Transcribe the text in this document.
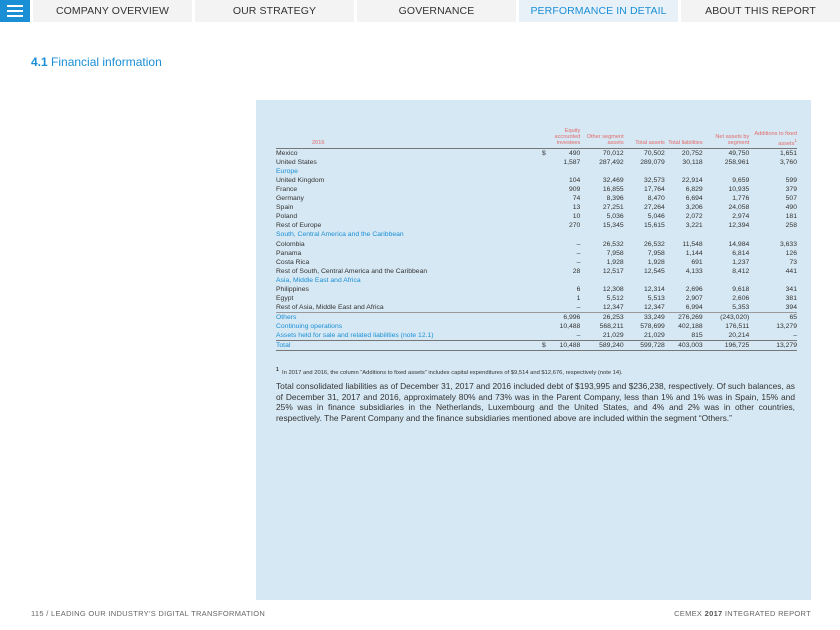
COMPANY OVERVIEW	OUR STRATEGY	GOVERNANCE	PERFORMANCE IN DETAIL	ABOUT THIS REPORT
4.1 Financial information
2016		Equity accounted investees	Other segment assets	Total assets	Total liabilities	Net assets by segment	Additions to fixed assets$^1$
Mexico	$	490	70,012	70,502	20,752	49,750	1,651
United States		1,587	287,492	289,079	30,118	258,961	3,760
Europe							
United Kingdom		104	32,469	32,573	22,914	9,659	599
France		909	16,855	17,764	6,829	10,935	379
Germany		74	8,396	8,470	6,694	1,776	507
Spain		13	27,251	27,264	3,206	24,058	490
Poland		10	5,036	5,046	2,072	2,974	181
Rest of Europe		270	15,345	15,615	3,221	12,394	258
South, Central America and the Caribbean							
Colombia		–	26,532	26,532	11,548	14,984	3,633
Panama		–	7,958	7,958	1,144	6,814	126
Costa Rica		–	1,928	1,928	691	1,237	73
Rest of South, Central America and the Caribbean		28	12,517	12,545	4,133	8,412	441
Asia, Middle East and Africa							
Philippines		6	12,308	12,314	2,696	9,618	341
Egypt		1	5,512	5,513	2,907	2,606	381
Rest of Asia, Middle East and Africa		–	12,347	12,347	6,994	5,353	394
Others		6,996	26,253	33,249	276,269	(243,020)	65
Continuing operations		10,488	568,211	578,699	402,188	176,511	13,279
Assets held for sale and related liabilities (note 12.1)		–	21,029	21,029	815	20,214	–
Total	$	10,488	589,240	599,728	403,003	196,725	13,279
$^1$ In 2017 and 2016, the column “Additions to fixed assets” includes capital expenditures of $9,514 and $12,676, respectively (note 14).

Total consolidated liabilities as of December 31, 2017 and 2016 included debt of $193,995 and $236,238, respectively. Of such balances, as of December 31, 2017 and 2016, approximately 80% and 73% was in the Parent Company, less than 1% and 1% was in Spain, 15% and 25% was in finance subsidiaries in the Netherlands, Luxembourg and the United States, and 4% and 2% was in other countries, respectively. The Parent Company and the finance subsidiaries mentioned above are included within the segment “Others.”

115 / LEADING OUR INDUSTRY'S DIGITAL TRANSFORMATION	CEMEX 2017 INTEGRATED REPORT
